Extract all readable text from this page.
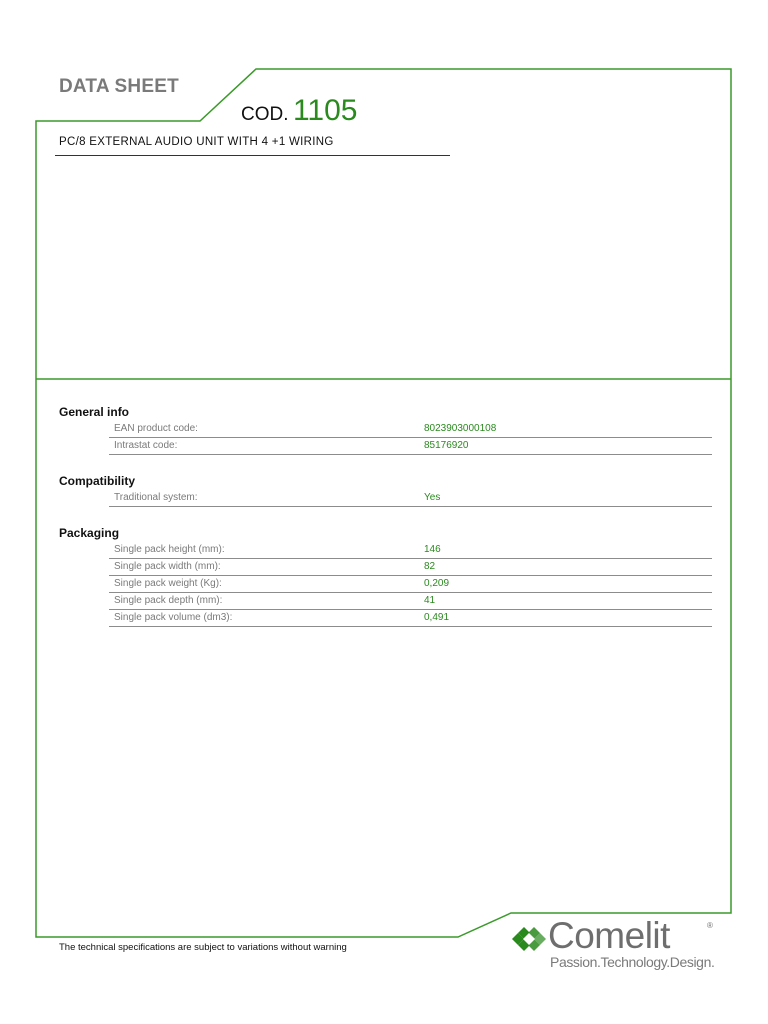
DATA SHEET
COD. 1105
PC/8 EXTERNAL AUDIO UNIT WITH 4 +1 WIRING
General info
EAN product code:	8023903000108
Intrastat code:	85176920
Compatibility
Traditional system:	Yes
Packaging
Single pack height (mm):	146
Single pack width (mm):	82
Single pack weight (Kg):	0,209
Single pack depth (mm):	41
Single pack volume (dm3):	0,491
The technical specifications are subject to variations without warning	Comelit	®
Passion.Technology.Design.
